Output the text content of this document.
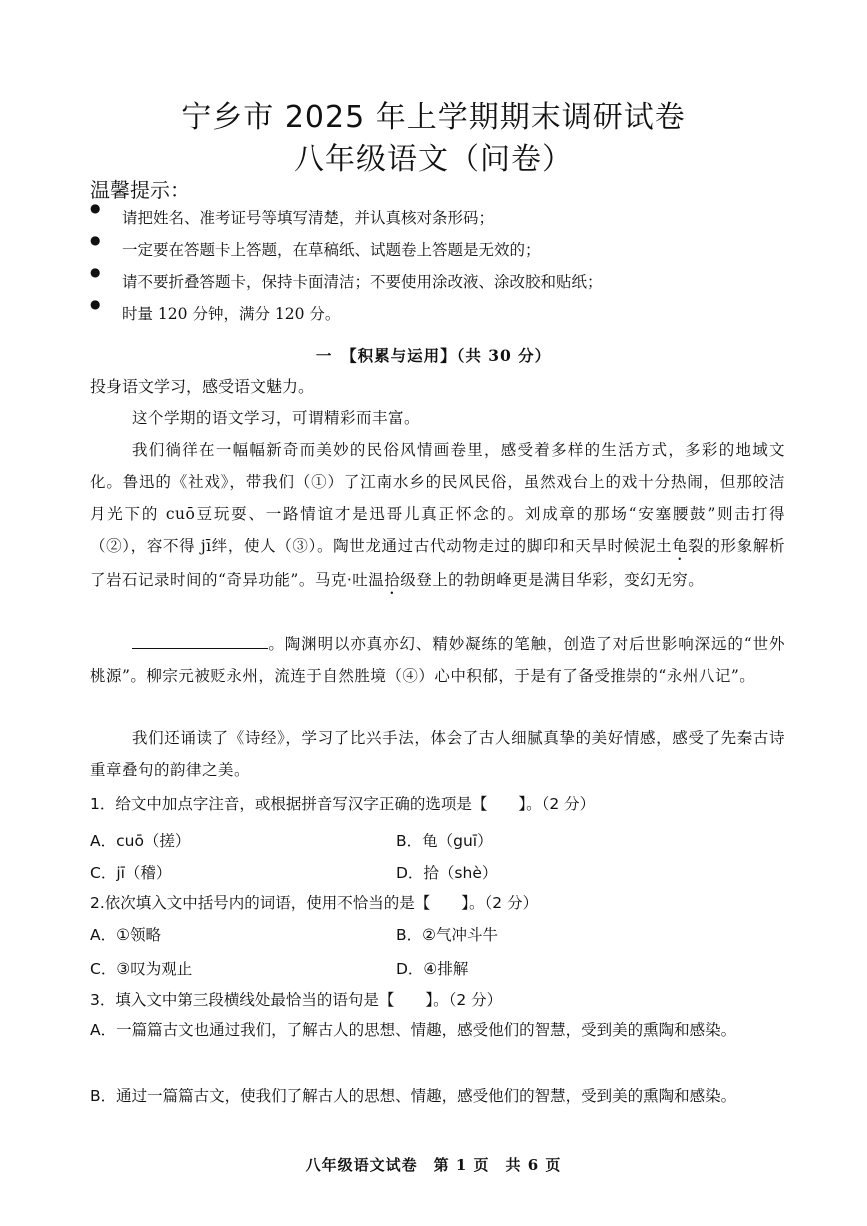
宁乡市 2025 年上学期期末调研试卷
八年级语文（问卷）
温馨提示：
●
请把姓名、准考证号等填写清楚，并认真核对条形码；
●
一定要在答题卡上答题，在草稿纸、试题卷上答题是无效的；
●
请不要折叠答题卡，保持卡面清洁；不要使用涂改液、涂改胶和贴纸；
●
时量 120 分钟，满分 120 分。
一　【积累与运用】（共 30 分）
投身语文学习，感受语文魅力。
这个学期的语文学习，可谓精彩而丰富。
我们徜徉在一幅幅新奇而美妙的民俗风情画卷里，感受着多样的生活方式，多彩的地域文化。鲁迅的《社戏》，带我们（①）了江南水乡的民风民俗，虽然戏台上的戏十分热闹，但那皎洁月光下的 cuō豆玩耍、一路情谊才是迅哥儿真正怀念的。刘成章的那场“安塞腰鼓”则击打得（②），容不得 jī绊，使人（③）。陶世龙通过古代动物走过的脚印和天旱时候泥土龟裂的形象解析了岩石记录时间的“奇异功能”。马克·吐温拾级登上的勃朗峰更是满目华彩，变幻无穷。
。陶渊明以亦真亦幻、精妙凝练的笔触，创造了对后世影响深远的“世外桃源”。柳宗元被贬永州，流连于自然胜境（④）心中积郁，于是有了备受推崇的“永州八记”。
我们还诵读了《诗经》，学习了比兴手法，体会了古人细腻真挚的美好情感，感受了先秦古诗重章叠句的韵律之美。
1．给文中加点字注音，或根据拼音写汉字正确的选项是【　　】。（2 分）
A．cuō（搓）	B．龟（guī）
C．jī（稽）	D．拾（shè）
2.依次填入文中括号内的词语，使用不恰当的是【　　】。（2 分）
A．①领略	B．②气冲斗牛
C．③叹为观止	D．④排解
3．填入文中第三段横线处最恰当的语句是【　　】。（2 分）
A．一篇篇古文也通过我们，了解古人的思想、情趣，感受他们的智慧，受到美的熏陶和感染。
B．通过一篇篇古文，使我们了解古人的思想、情趣，感受他们的智慧，受到美的熏陶和感染。
八年级语文试卷　第 1 页　共 6 页
